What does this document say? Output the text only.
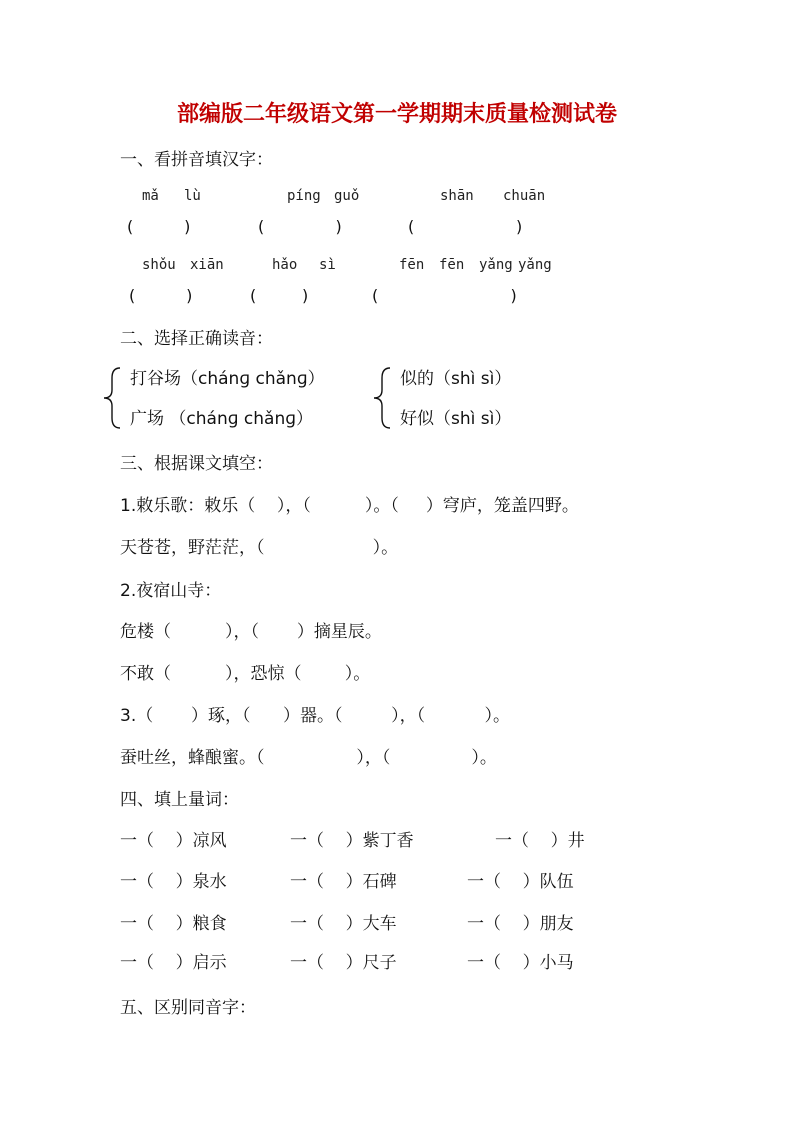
部编版二年级语文第一学期期末质量检测试卷
一、看拼音填汉字：
mǎ lù	píng guǒ	shān chuān
(          )	(              )	(                    )
shǒu xiān	hǎo sì	fēn fēn yǎng yǎng
(          )	(         )	(                          )
二、选择正确读音：
打谷场（chánɡ chǎnɡ）
广场 （chánɡ chǎnɡ）
似的（shì sì）
好似（shì sì）
三、根据课文填空：
1.敕乐歌：敕乐（    ），（          ）。（     ）穹庐，笼盖四野。
天苍苍，野茫茫，（                    ）。
2.夜宿山寺：
危楼（          ），（       ）摘星辰。
不敢（          ），恐惊（        ）。
3.（       ）琢，（      ）器。（         ），（           ）。
蚕吐丝，蜂酿蜜。（                 ），（               ）。
四、填上量词：
一（    ）凉风	一（    ）紫丁香	一（    ）井
一（    ）泉水	一（    ）石碑	一（    ）队伍
一（    ）粮食	一（    ）大车	一（    ）朋友
一（    ）启示	一（    ）尺子	一（    ）小马
五、区别同音字：
